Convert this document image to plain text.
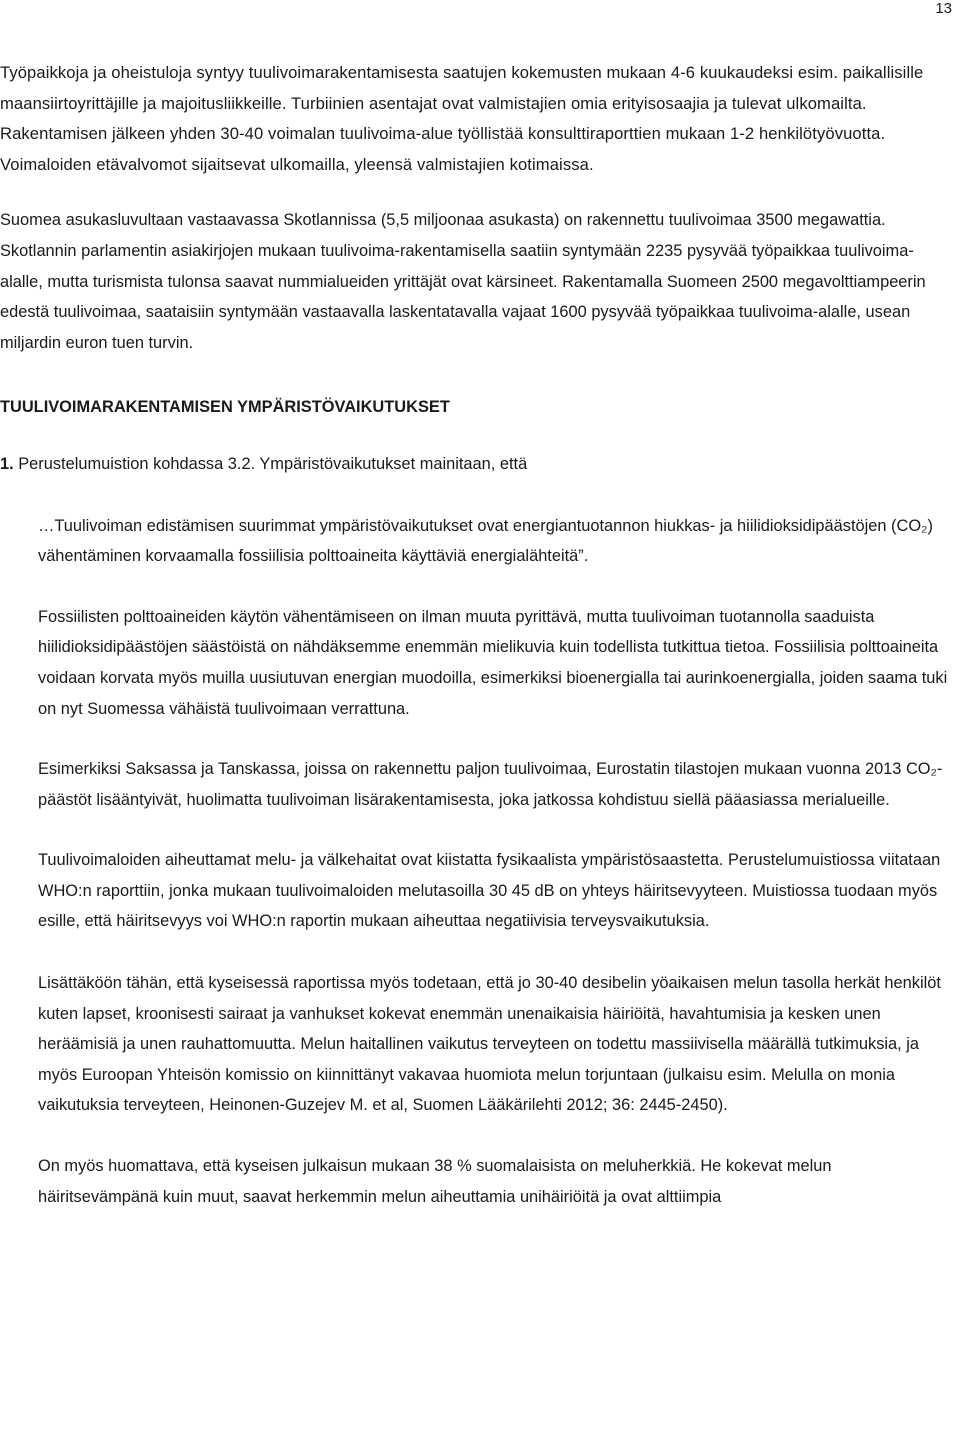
13

Työpaikkoja ja oheistuloja syntyy tuulivoimarakentamisesta saatujen kokemusten mukaan 4-6 kuukaudeksi esim. paikallisille maansiirtoyrittäjille ja majoitusliikkeille. Turbiinien asentajat ovat valmistajien omia erityisosaajia ja tulevat ulkomailta. Rakentamisen jälkeen yhden 30-40 voimalan tuulivoima-alue työllistää konsulttiraporttien mukaan 1-2 henkilötyövuotta. Voimaloiden etävalvomot sijaitsevat ulkomailla, yleensä valmistajien kotimaissa.

Suomea asukasluvultaan vastaavassa Skotlannissa (5,5 miljoonaa asukasta) on rakennettu tuulivoimaa 3500 megawattia. Skotlannin parlamentin asiakirjojen mukaan tuulivoima-rakentamisella saatiin syntymään 2235 pysyvää työpaikkaa tuulivoima-alalle, mutta turismista tulonsa saavat nummialueiden yrittäjät ovat kärsineet. Rakentamalla Suomeen 2500 megavolttiampeerin edestä tuulivoimaa, saataisiin syntymään vastaavalla laskentatavalla vajaat 1600 pysyvää työpaikkaa tuulivoima-alalle, usean miljardin euron tuen turvin.

TUULIVOIMARAKENTAMISEN YMPÄRISTÖVAIKUTUKSET

1. Perustelumuistion kohdassa 3.2. Ympäristövaikutukset mainitaan, että

…Tuulivoiman edistämisen suurimmat ympäristövaikutukset ovat energiantuotannon hiukkas- ja hiilidioksidipäästöjen (CO₂) vähentäminen korvaamalla fossiilisia polttoaineita käyttäviä energialähteitä”.

Fossiilisten polttoaineiden käytön vähentämiseen on ilman muuta pyrittävä, mutta tuulivoiman tuotannolla saaduista hiilidioksidipäästöjen säästöistä on nähdäksemme enemmän mielikuvia kuin todellista tutkittua tietoa. Fossiilisia polttoaineita voidaan korvata myös muilla uusiutuvan energian muodoilla, esimerkiksi bioenergialla tai aurinkoenergialla, joiden saama tuki on nyt Suomessa vähäistä tuulivoimaan verrattuna.

Esimerkiksi Saksassa ja Tanskassa, joissa on rakennettu paljon tuulivoimaa, Eurostatin tilastojen mukaan vuonna 2013 CO₂-päästöt lisääntyivät, huolimatta tuulivoiman lisärakentamisesta, joka jatkossa kohdistuu siellä pääasiassa merialueille.

Tuulivoimaloiden aiheuttamat melu- ja välkehaitat ovat kiistatta fysikaalista ympäristösaastetta. Perustelumuistiossa viitataan WHO:n raporttiin, jonka mukaan tuulivoimaloiden melutasoilla 30 45 dB on yhteys häiritsevyyteen. Muistiossa tuodaan myös esille, että häiritsevyys voi WHO:n raportin mukaan aiheuttaa negatiivisia terveysvaikutuksia.

Lisättäköön tähän, että kyseisessä raportissa myös todetaan, että jo 30-40 desibelin yöaikaisen melun tasolla herkät henkilöt kuten lapset, kroonisesti sairaat ja vanhukset kokevat enemmän unenaikaisia häiriöitä, havahtumisia ja kesken unen heräämisiä ja unen rauhattomuutta. Melun haitallinen vaikutus terveyteen on todettu massiivisella määrällä tutkimuksia, ja myös Euroopan Yhteisön komissio on kiinnittänyt vakavaa huomiota melun torjuntaan (julkaisu esim. Melulla on monia vaikutuksia terveyteen, Heinonen-Guzejev M. et al, Suomen Lääkärilehti 2012; 36: 2445-2450).

On myös huomattava, että kyseisen julkaisun mukaan 38 % suomalaisista on meluherkkiä. He kokevat melun häiritsevämpänä kuin muut, saavat herkemmin melun aiheuttamia unihäiriöitä ja ovat alttiimpia
